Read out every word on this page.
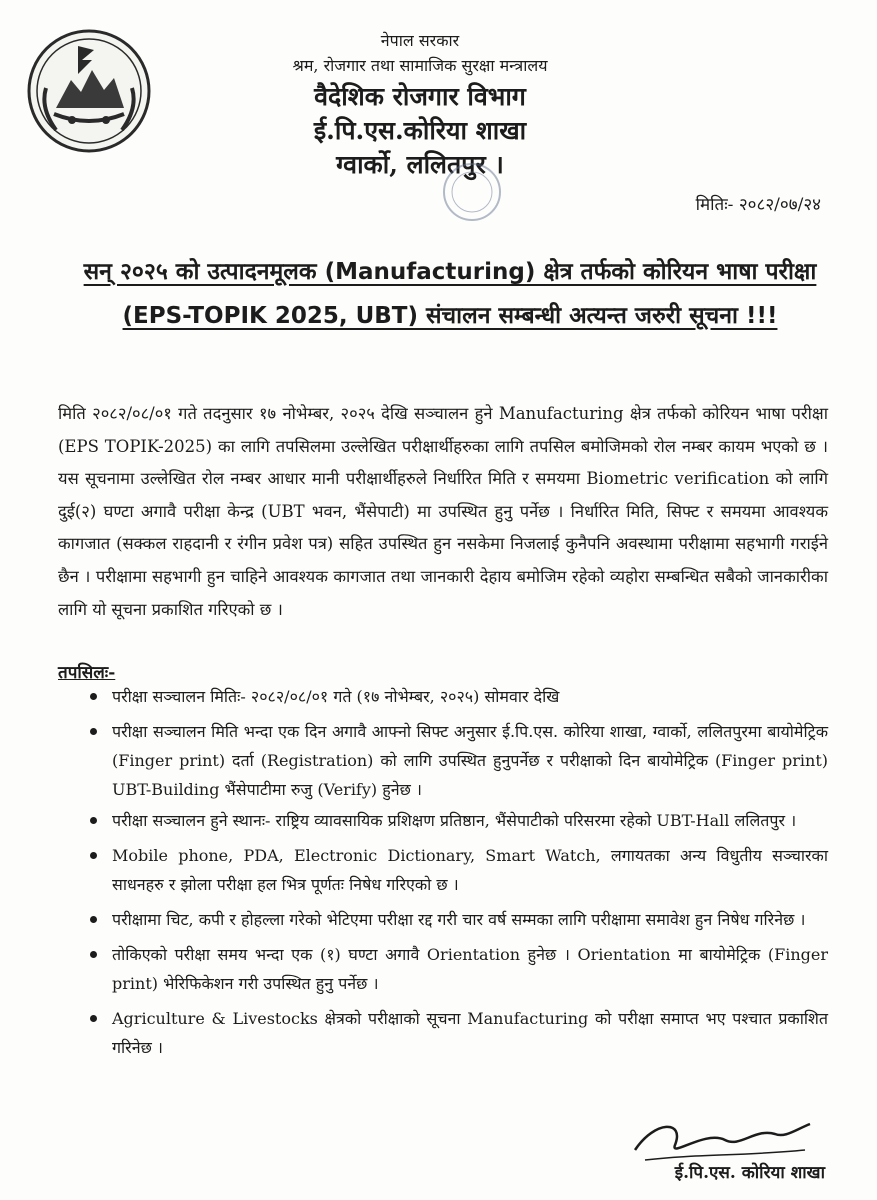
नेपाल सरकार
श्रम, रोजगार तथा सामाजिक सुरक्षा मन्त्रालय
वैदेशिक रोजगार विभाग
ई.पि.एस.कोरिया शाखा
ग्वार्को, ललितपुर ।
मितिः- २०८२/०७/२४
सन् २०२५ को उत्पादनमूलक (Manufacturing) क्षेत्र तर्फको कोरियन भाषा परीक्षा (EPS-TOPIK 2025, UBT) संचालन सम्बन्धी अत्यन्त जरुरी सूचना !!!
मिति २०८२/०८/०१ गते तदनुसार १७ नोभेम्बर, २०२५ देखि सञ्चालन हुने Manufacturing क्षेत्र तर्फको कोरियन भाषा परीक्षा (EPS TOPIK-2025) का लागि तपसिलमा उल्लेखित परीक्षार्थीहरुका लागि तपसिल बमोजिमको रोल नम्बर कायम भएको छ । यस सूचनामा उल्लेखित रोल नम्बर आधार मानी परीक्षार्थीहरुले निर्धारित मिति र समयमा Biometric verification को लागि दुई(२) घण्टा अगावै परीक्षा केन्द्र (UBT भवन, भैंसेपाटी) मा उपस्थित हुनु पर्नेछ । निर्धारित मिति, सिफ्ट र समयमा आवश्यक कागजात (सक्कल राहदानी र रंगीन प्रवेश पत्र) सहित उपस्थित हुन नसकेमा निजलाई कुनैपनि अवस्थामा परीक्षामा सहभागी गराईने छैन । परीक्षामा सहभागी हुन चाहिने आवश्यक कागजात तथा जानकारी देहाय बमोजिम रहेको व्यहोरा सम्बन्धित सबैको जानकारीका लागि यो सूचना प्रकाशित गरिएको छ ।
तपसिलः-
परीक्षा सञ्चालन मितिः- २०८२/०८/०१ गते (१७ नोभेम्बर, २०२५) सोमवार देखि
परीक्षा सञ्चालन मिति भन्दा एक दिन अगावै आफ्नो सिफ्ट अनुसार ई.पि.एस. कोरिया शाखा, ग्वार्को, ललितपुरमा बायोमेट्रिक (Finger print) दर्ता (Registration) को लागि उपस्थित हुनुपर्नेछ र परीक्षाको दिन बायोमेट्रिक (Finger print) UBT-Building भैंसेपाटीमा रुजु (Verify) हुनेछ ।
परीक्षा सञ्चालन हुने स्थानः- राष्ट्रिय व्यावसायिक प्रशिक्षण प्रतिष्ठान, भैंसेपाटीको परिसरमा रहेको UBT-Hall ललितपुर ।
Mobile phone, PDA, Electronic Dictionary, Smart Watch, लगायतका अन्य विधुतीय सञ्चारका साधनहरु र झोला परीक्षा हल भित्र पूर्णतः निषेध गरिएको छ ।
परीक्षामा चिट, कपी र होहल्ला गरेको भेटिएमा परीक्षा रद्द गरी चार वर्ष सम्मका लागि परीक्षामा समावेश हुन निषेध गरिनेछ ।
तोकिएको परीक्षा समय भन्दा एक (१) घण्टा अगावै Orientation हुनेछ । Orientation मा बायोमेट्रिक (Finger print) भेरिफिकेशन गरी उपस्थित हुनु पर्नेछ ।
Agriculture & Livestocks क्षेत्रको परीक्षाको सूचना Manufacturing को परीक्षा समाप्त भए पश्चात प्रकाशित गरिनेछ ।
ई.पि.एस. कोरिया शाखा
